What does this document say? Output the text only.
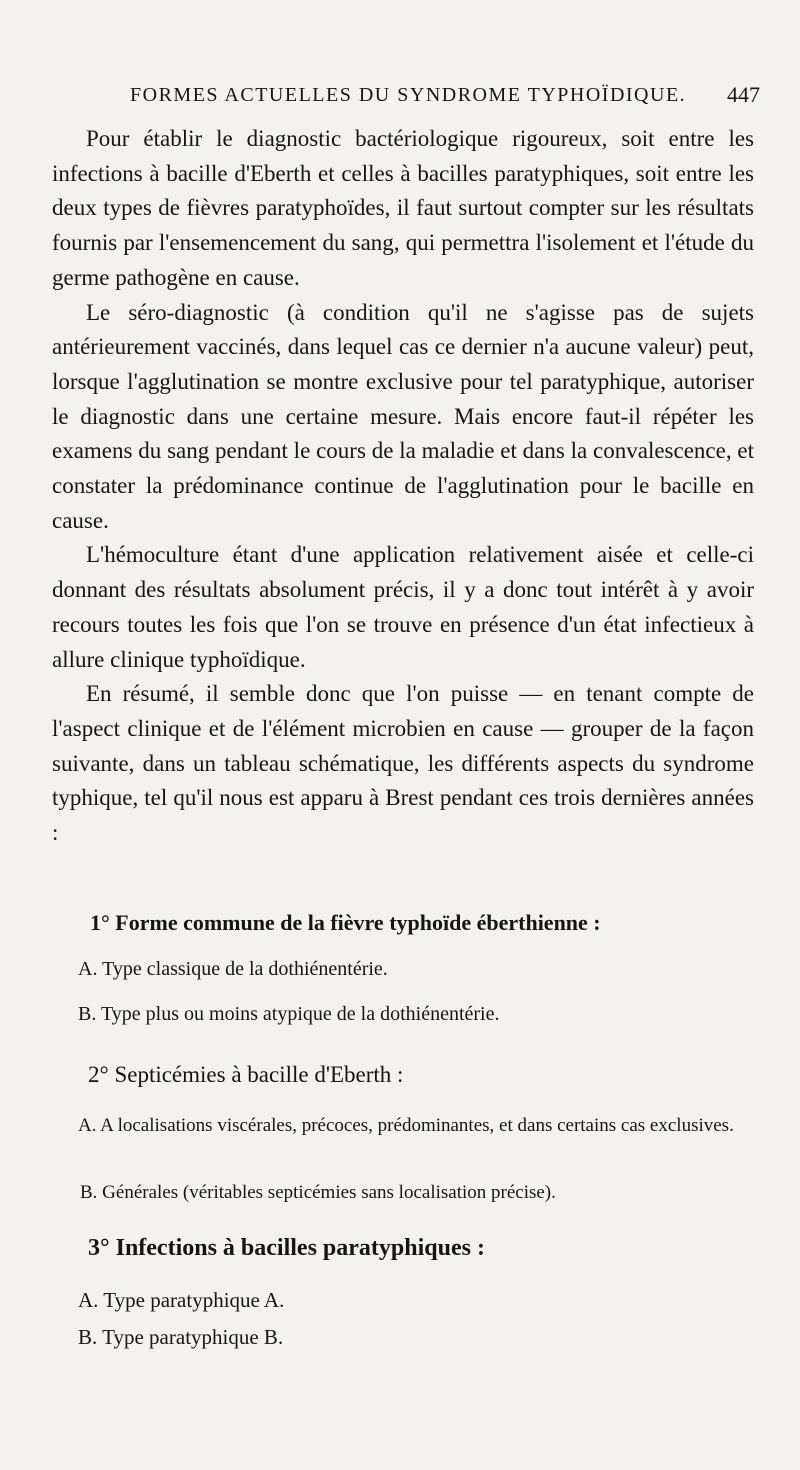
FORMES ACTUELLES DU SYNDROME TYPHOÏDIQUE. 447

Pour établir le diagnostic bactériologique rigoureux, soit entre les infections à bacille d'Eberth et celles à bacilles paratyphiques, soit entre les deux types de fièvres paratyphoïdes, il faut surtout compter sur les résultats fournis par l'ensemencement du sang, qui permettra l'isolement et l'étude du germe pathogène en cause.

Le séro-diagnostic (à condition qu'il ne s'agisse pas de sujets antérieurement vaccinés, dans lequel cas ce dernier n'a aucune valeur) peut, lorsque l'agglutination se montre exclusive pour tel paratyphique, autoriser le diagnostic dans une certaine mesure. Mais encore faut-il répéter les examens du sang pendant le cours de la maladie et dans la convalescence, et constater la prédominance continue de l'agglutination pour le bacille en cause.

L'hémoculture étant d'une application relativement aisée et celle-ci donnant des résultats absolument précis, il y a donc tout intérêt à y avoir recours toutes les fois que l'on se trouve en présence d'un état infectieux à allure clinique typhoïdique.

En résumé, il semble donc que l'on puisse — en tenant compte de l'aspect clinique et de l'élément microbien en cause — grouper de la façon suivante, dans un tableau schématique, les différents aspects du syndrome typhique, tel qu'il nous est apparu à Brest pendant ces trois dernières années :

1° Forme commune de la fièvre typhoïde éberthienne :
A. Type classique de la dothiénentérie.
B. Type plus ou moins atypique de la dothiénentérie.
2° Septicémies à bacille d'Eberth :
A. A localisations viscérales, précoces, prédominantes, et dans certains cas exclusives.
B. Générales (véritables septicémies sans localisation précise).
3° Infections à bacilles paratyphiques :
A. Type paratyphique A.
B. Type paratyphique B.
